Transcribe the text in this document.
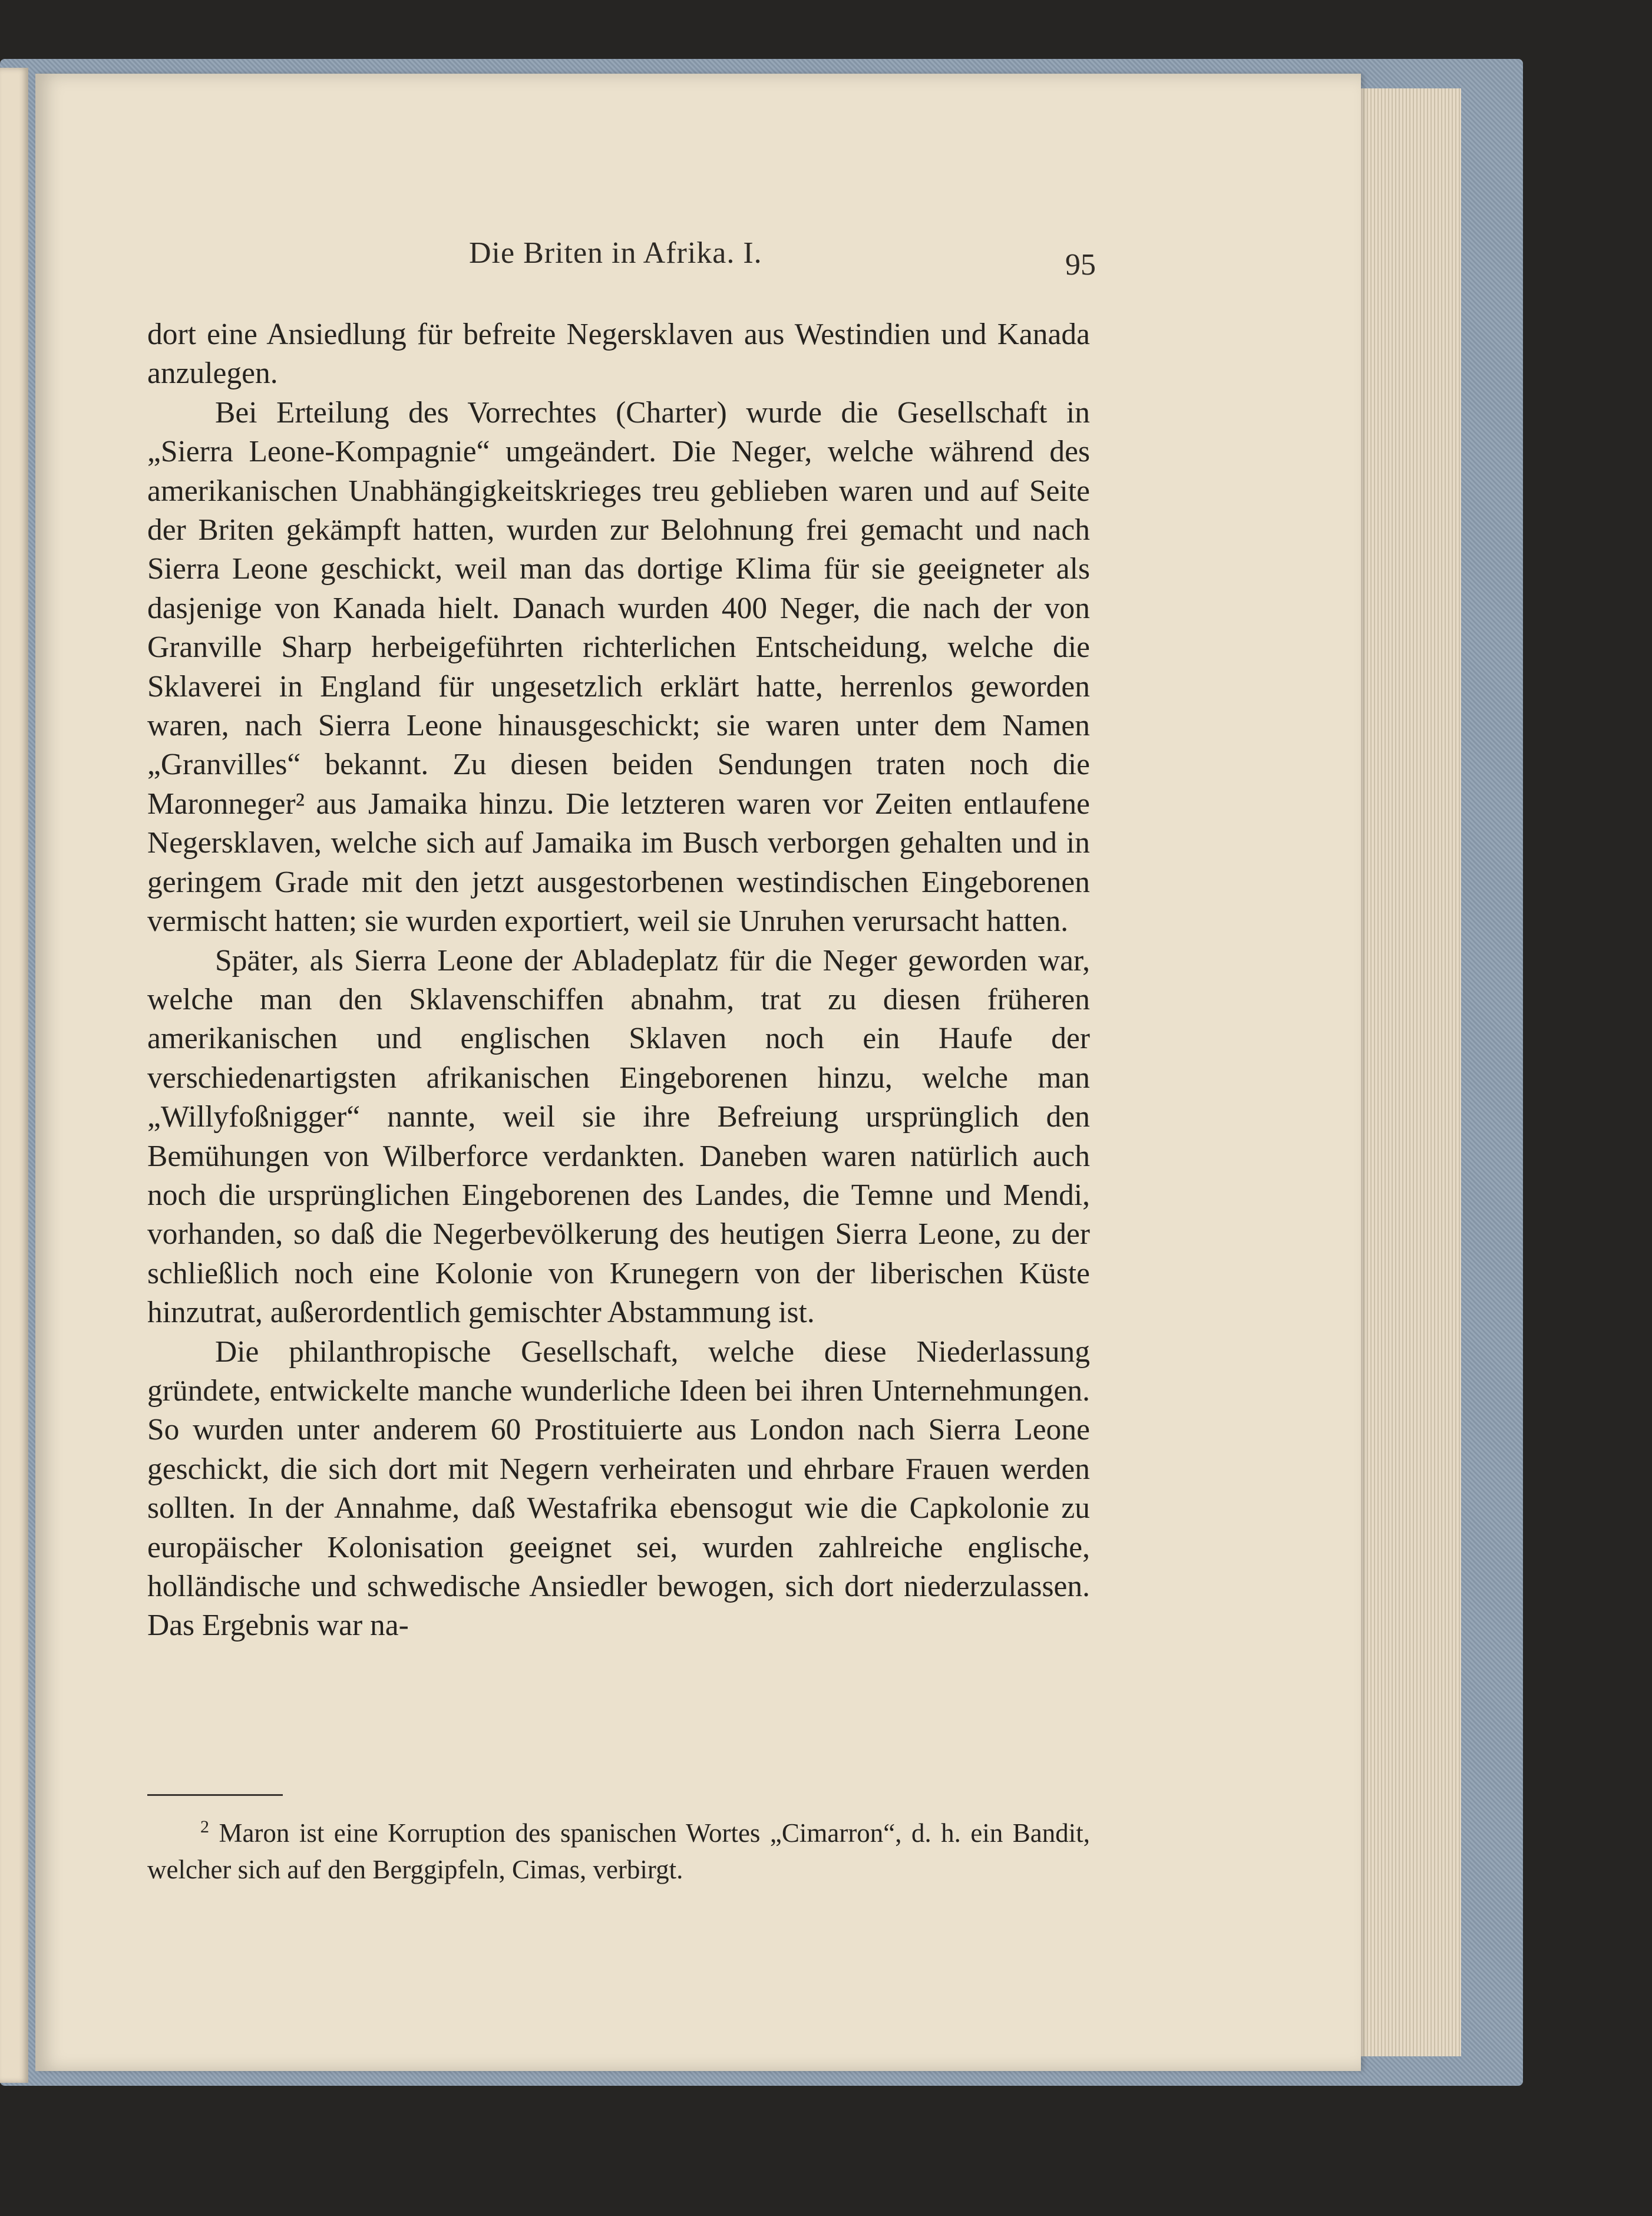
Die Briten in Afrika. I.	95

dort eine Ansiedlung für befreite Negersklaven aus Westindien und Kanada anzulegen.

Bei Erteilung des Vorrechtes (Charter) wurde die Gesellschaft in „Sierra Leone-Kompagnie“ umgeändert. Die Neger, welche während des amerikanischen Unabhängigkeitskrieges treu geblieben waren und auf Seite der Briten gekämpft hatten, wurden zur Belohnung frei gemacht und nach Sierra Leone geschickt, weil man das dortige Klima für sie geeigneter als dasjenige von Kanada hielt. Danach wurden 400 Neger, die nach der von Granville Sharp herbeigeführten richterlichen Entscheidung, welche die Sklaverei in England für ungesetzlich erklärt hatte, herrenlos geworden waren, nach Sierra Leone hinausgeschickt; sie waren unter dem Namen „Granvilles“ bekannt. Zu diesen beiden Sendungen traten noch die Maronneger² aus Jamaika hinzu. Die letzteren waren vor Zeiten entlaufene Negersklaven, welche sich auf Jamaika im Busch verborgen gehalten und in geringem Grade mit den jetzt ausgestorbenen westindischen Eingeborenen vermischt hatten; sie wurden exportiert, weil sie Unruhen verursacht hatten.

Später, als Sierra Leone der Abladeplatz für die Neger geworden war, welche man den Sklavenschiffen abnahm, trat zu diesen früheren amerikanischen und englischen Sklaven noch ein Haufe der verschiedenartigsten afrikanischen Eingeborenen hinzu, welche man „Willyfoßnigger“ nannte, weil sie ihre Befreiung ursprünglich den Bemühungen von Wilberforce verdankten. Daneben waren natürlich auch noch die ursprünglichen Eingeborenen des Landes, die Temne und Mendi, vorhanden, so daß die Negerbevölkerung des heutigen Sierra Leone, zu der schließlich noch eine Kolonie von Krunegern von der liberischen Küste hinzutrat, außerordentlich gemischter Abstammung ist.

Die philanthropische Gesellschaft, welche diese Niederlassung gründete, entwickelte manche wunderliche Ideen bei ihren Unternehmungen. So wurden unter anderem 60 Prostituierte aus London nach Sierra Leone geschickt, die sich dort mit Negern verheiraten und ehrbare Frauen werden sollten. In der Annahme, daß Westafrika ebensogut wie die Capkolonie zu europäischer Kolonisation geeignet sei, wurden zahlreiche englische, holländische und schwedische Ansiedler bewogen, sich dort niederzulassen. Das Ergebnis war na-

$^2$ Maron ist eine Korruption des spanischen Wortes „Cimarron“, d. h. ein Bandit, welcher sich auf den Berggipfeln, Cimas, verbirgt.
